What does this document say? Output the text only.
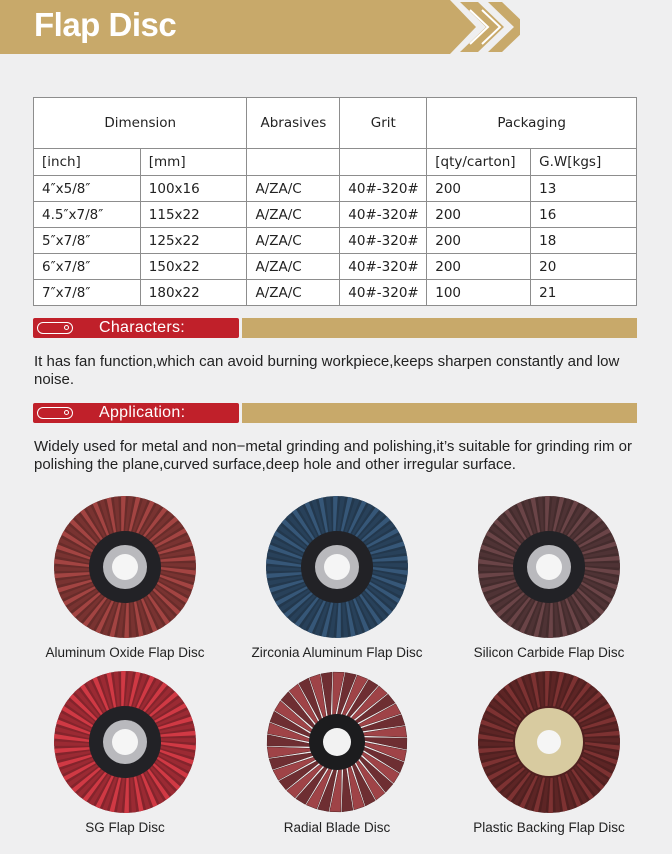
Flap Disc
Dimension		Abrasives	Grit	Packaging	
[inch]	[mm]			[qty/carton]	G.W[kgs]
4″x5/8″	100x16	A/ZA/C	40#-320#	200	13
4.5″x7/8″	115x22	A/ZA/C	40#-320#	200	16
5″x7/8″	125x22	A/ZA/C	40#-320#	200	18
6″x7/8″	150x22	A/ZA/C	40#-320#	200	20
7″x7/8″	180x22	A/ZA/C	40#-320#	100	21
Characters:
It has fan function,which can avoid burning workpiece,keeps sharpen constantly and low noise.
Application:
Widely used for metal and non−metal grinding and polishing,it’s suitable for grinding rim or polishing the plane,curved surface,deep hole and other irregular surface.
Aluminum Oxide Flap Disc	Zirconia Aluminum Flap Disc	Silicon Carbide Flap Disc
SG Flap Disc	Radial Blade Disc	Plastic Backing Flap Disc
